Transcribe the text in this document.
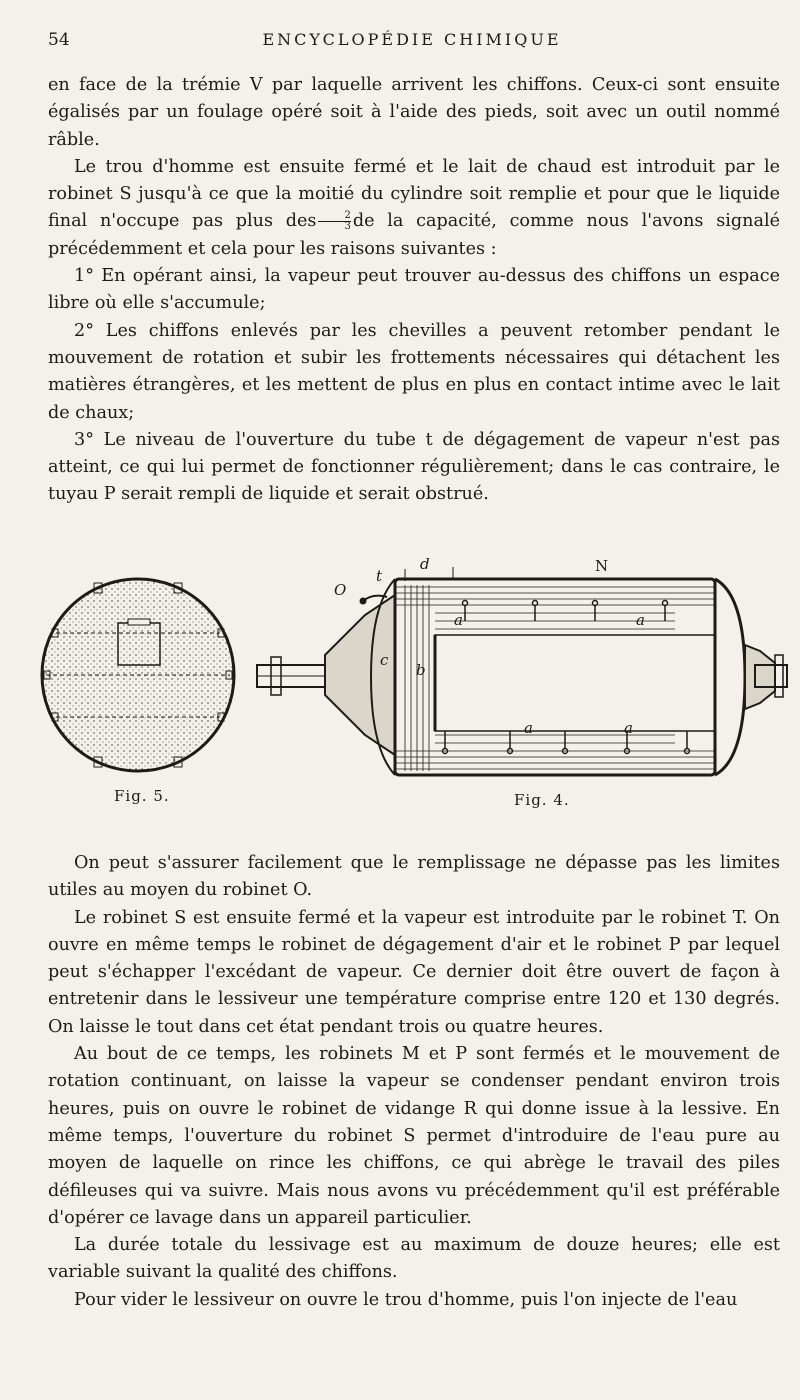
54	ENCYCLOPÉDIE CHIMIQUE

en face de la trémie V par laquelle arrivent les chiffons. Ceux-ci sont ensuite égalisés par un foulage opéré soit à l'aide des pieds, soit avec un outil nommé râble.

Le trou d'homme est ensuite fermé et le lait de chaud est introduit par le robinet S jusqu'à ce que la moitié du cylindre soit remplie et pour que le liquide final n'occupe pas plus des $\frac{2}{3}$ de la capacité, comme nous l'avons signalé précédemment et cela pour les raisons suivantes :

1° En opérant ainsi, la vapeur peut trouver au-dessus des chiffons un espace libre où elle s'accumule;

2° Les chiffons enlevés par les chevilles a peuvent retomber pendant le mouvement de rotation et subir les frottements nécessaires qui détachent les matières étrangères, et les mettent de plus en plus en contact intime avec le lait de chaux;

3° Le niveau de l'ouverture du tube t de dégagement de vapeur n'est pas atteint, ce qui lui permet de fonctionner régulièrement; dans le cas contraire, le tuyau P serait rempli de liquide et serait obstrué.

Fig. 5.
O
t
d	N
a	a
c
b
a	a
Fig. 4.

On peut s'assurer facilement que le remplissage ne dépasse pas les limites utiles au moyen du robinet O.

Le robinet S est ensuite fermé et la vapeur est introduite par le robinet T. On ouvre en même temps le robinet de dégagement d'air et le robinet P par lequel peut s'échapper l'excédant de vapeur. Ce dernier doit être ouvert de façon à entretenir dans le lessiveur une température comprise entre 120 et 130 degrés. On laisse le tout dans cet état pendant trois ou quatre heures.

Au bout de ce temps, les robinets M et P sont fermés et le mouvement de rotation continuant, on laisse la vapeur se condenser pendant environ trois heures, puis on ouvre le robinet de vidange R qui donne issue à la lessive. En même temps, l'ouverture du robinet S permet d'introduire de l'eau pure au moyen de laquelle on rince les chiffons, ce qui abrège le travail des piles défileuses qui va suivre. Mais nous avons vu précédemment qu'il est préférable d'opérer ce lavage dans un appareil particulier.

La durée totale du lessivage est au maximum de douze heures; elle est variable suivant la qualité des chiffons.

Pour vider le lessiveur on ouvre le trou d'homme, puis l'on injecte de l'eau
